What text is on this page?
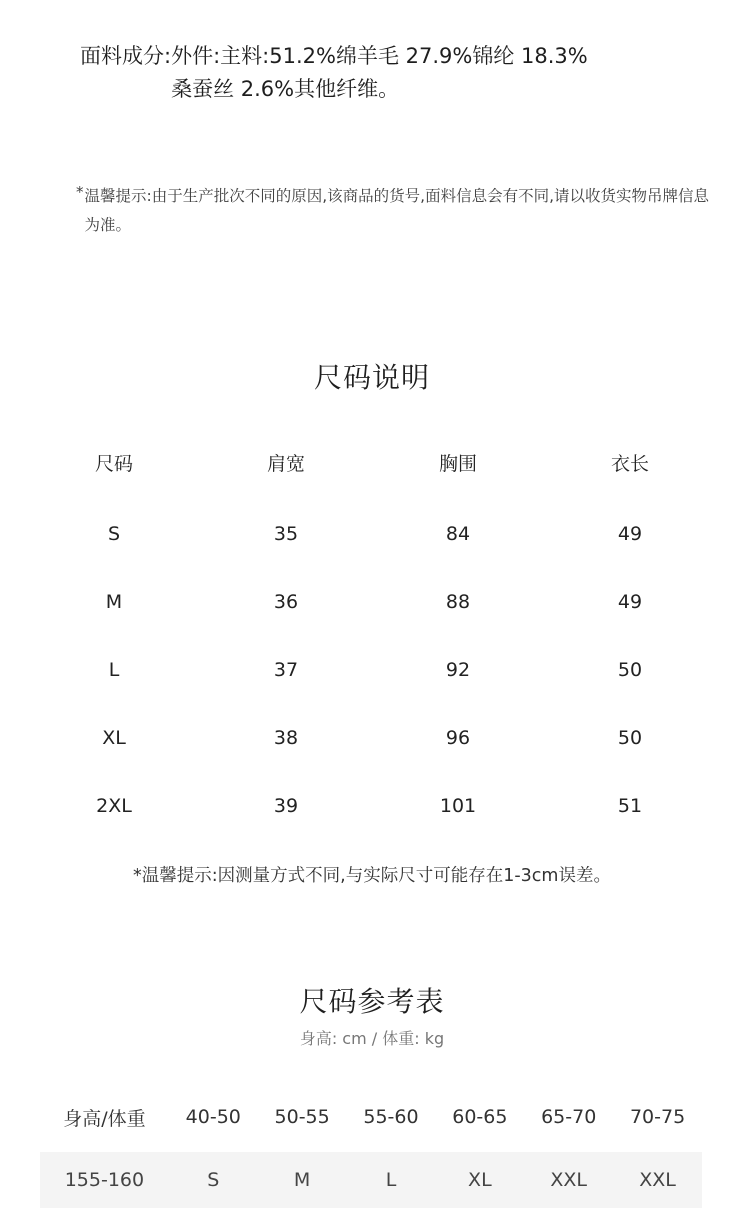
面料成分: 外件:主料:51.2%绵羊毛 27.9%锦纶 18.3%
桑蚕丝 2.6%其他纤维。
* 温馨提示:由于生产批次不同的原因,该商品的货号,面料信息会有不同,请以收货实物吊牌信息为准。
尺码说明
尺码	肩宽	胸围	衣长
S	35	84	49
M	36	88	49
L	37	92	50
XL	38	96	50
2XL	39	101	51
*温馨提示:因测量方式不同,与实际尺寸可能存在1-3cm误差。
尺码参考表
身高: cm / 体重: kg
身高/体重	40-50	50-55	55-60	60-65	65-70	70-75
155-160	S	M	L	XL	XXL	XXL
